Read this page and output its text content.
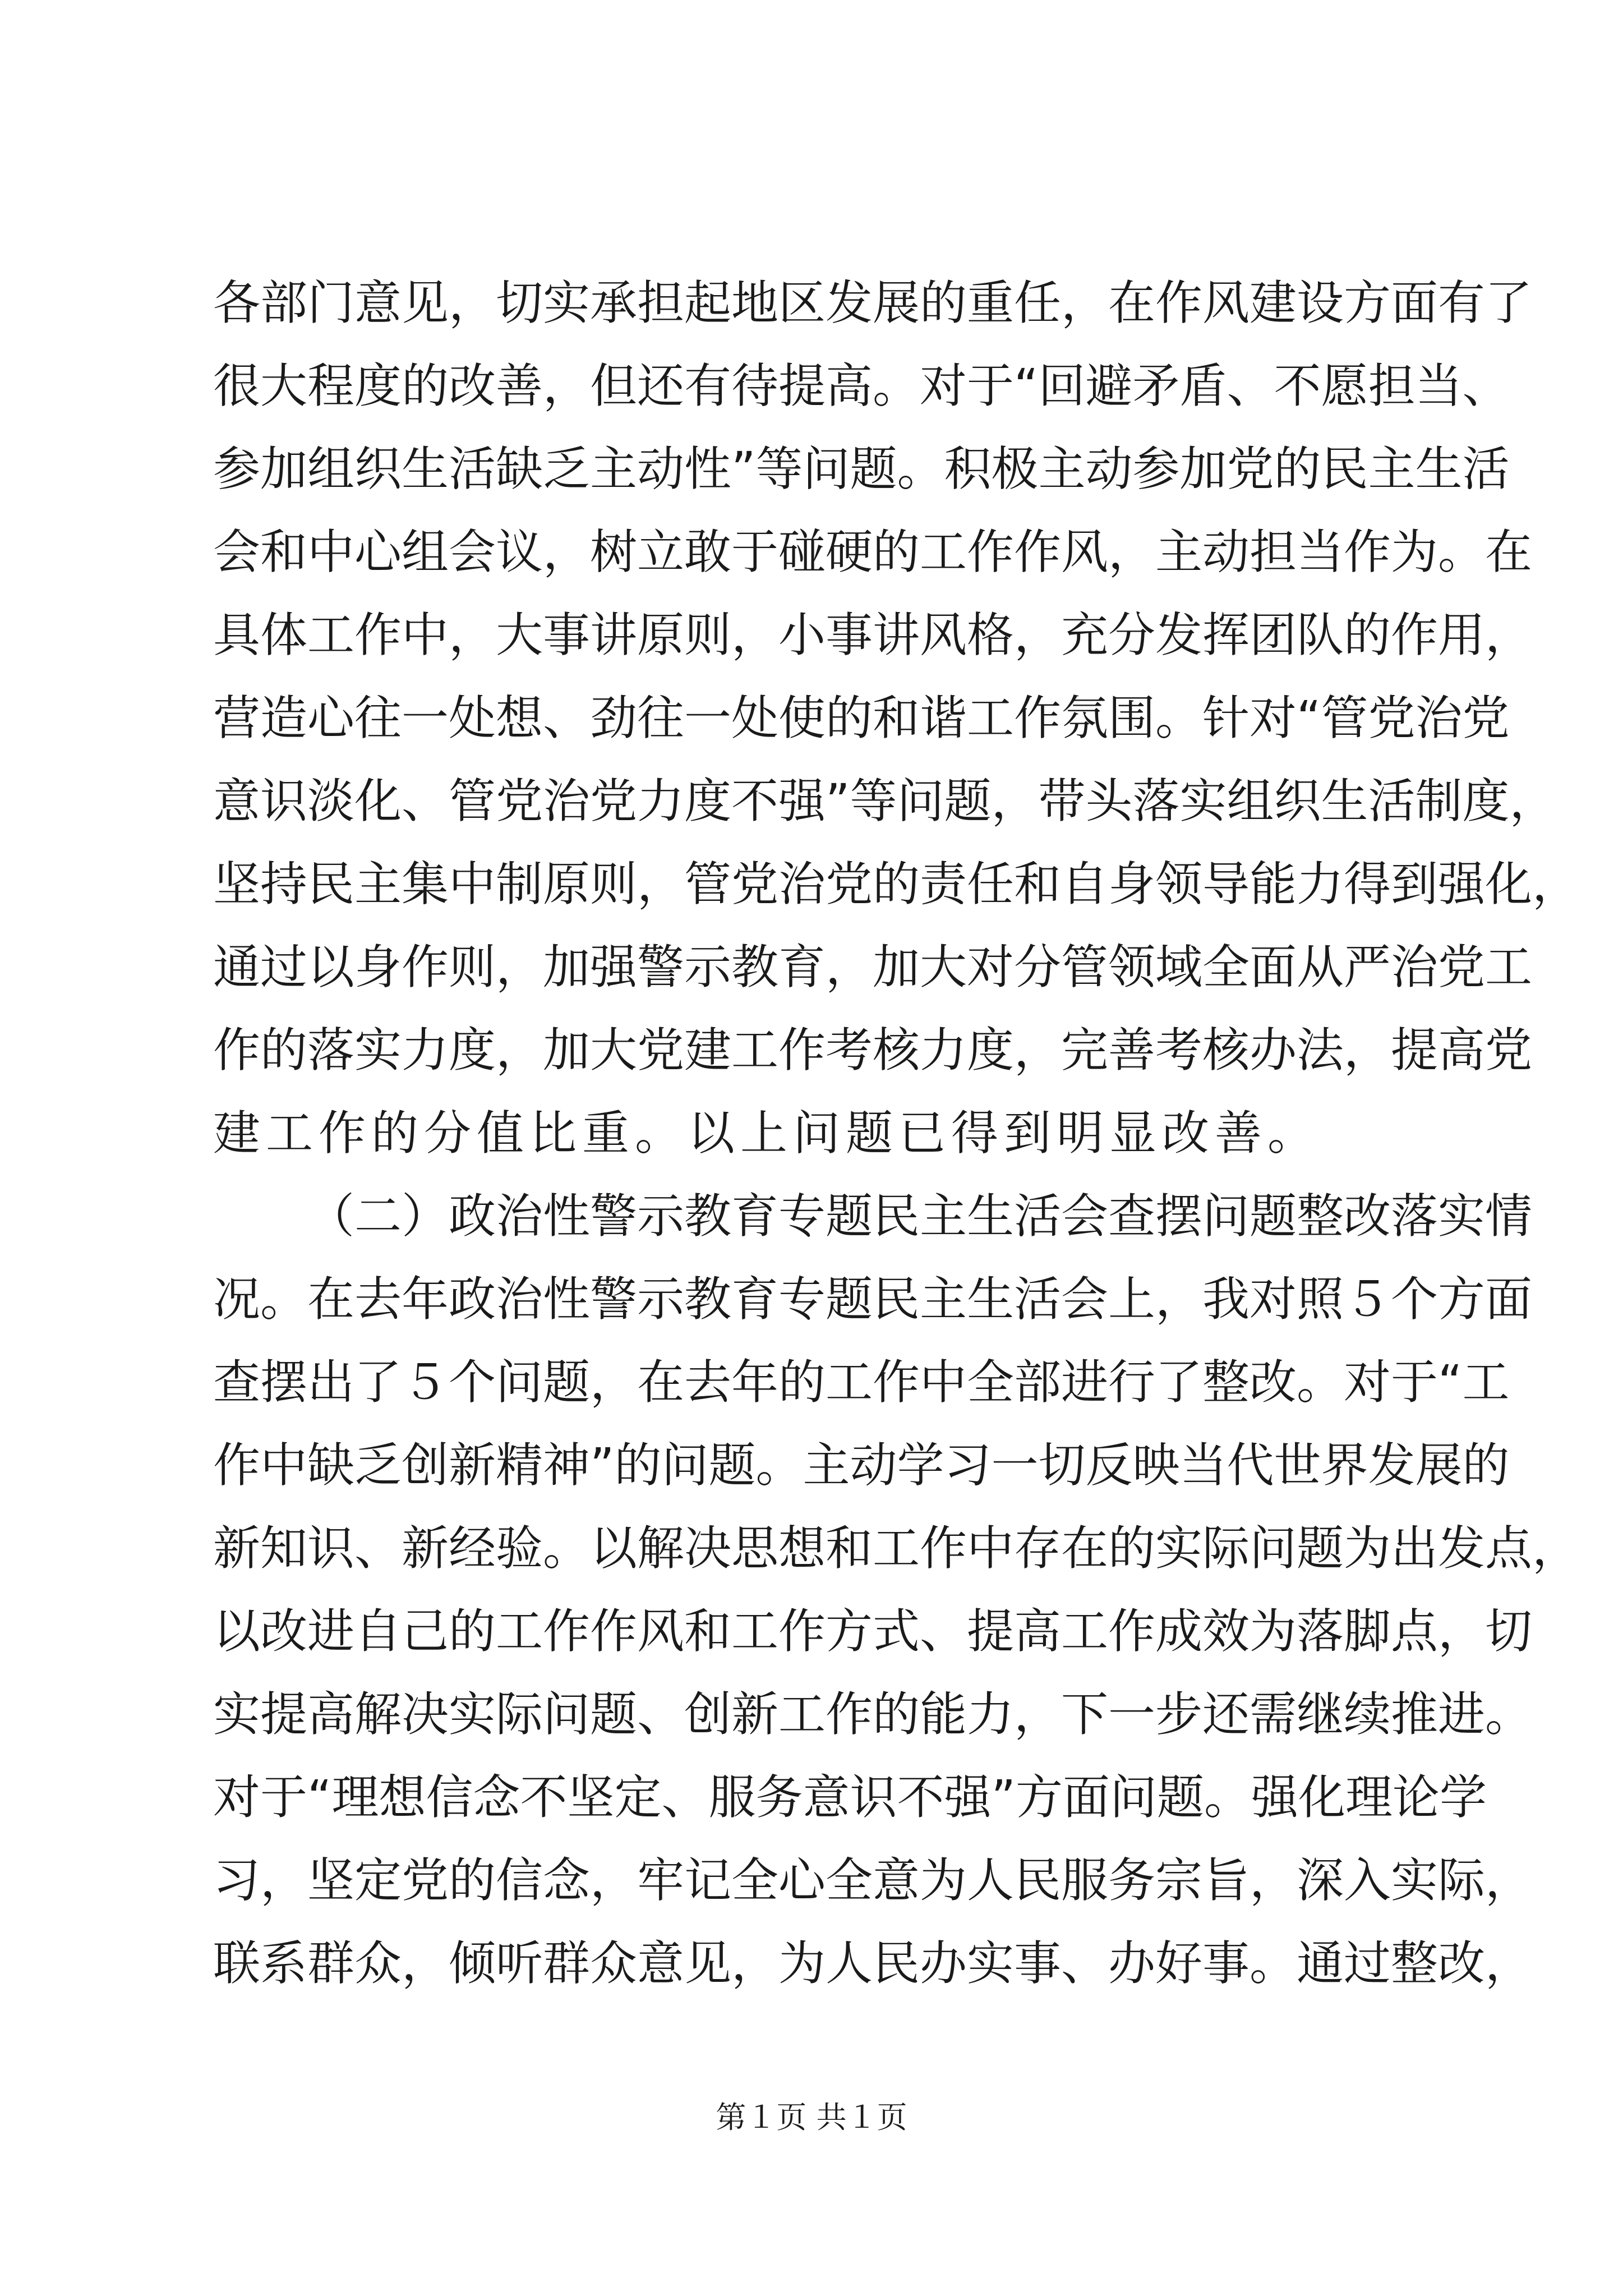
各部门意见，切实承担起地区发展的重任，在作风建设方面有了
很大程度的改善，但还有待提高。对于“回避矛盾、不愿担当、
参加组织生活缺乏主动性”等问题。积极主动参加党的民主生活
会和中心组会议，树立敢于碰硬的工作作风，主动担当作为。在
具体工作中，大事讲原则，小事讲风格，充分发挥团队的作用，
营造心往一处想、劲往一处使的和谐工作氛围。针对“管党治党
意识淡化、管党治党力度不强”等问题，带头落实组织生活制度，
坚持民主集中制原则，管党治党的责任和自身领导能力得到强化，
通过以身作则，加强警示教育，加大对分管领域全面从严治党工
作的落实力度，加大党建工作考核力度，完善考核办法，提高党
建工作的分值比重。以上问题已得到明显改善。
（二）政治性警示教育专题民主生活会查摆问题整改落实情
况。在去年政治性警示教育专题民主生活会上，我对照５个方面
查摆出了５个问题，在去年的工作中全部进行了整改。对于“工
作中缺乏创新精神”的问题。主动学习一切反映当代世界发展的
新知识、新经验。以解决思想和工作中存在的实际问题为出发点，
以改进自己的工作作风和工作方式、提高工作成效为落脚点，切
实提高解决实际问题、创新工作的能力，下一步还需继续推进。
对于“理想信念不坚定、服务意识不强”方面问题。强化理论学
习，坚定党的信念，牢记全心全意为人民服务宗旨，深入实际，
联系群众，倾听群众意见，为人民办实事、办好事。通过整改，
第１页 共１页
